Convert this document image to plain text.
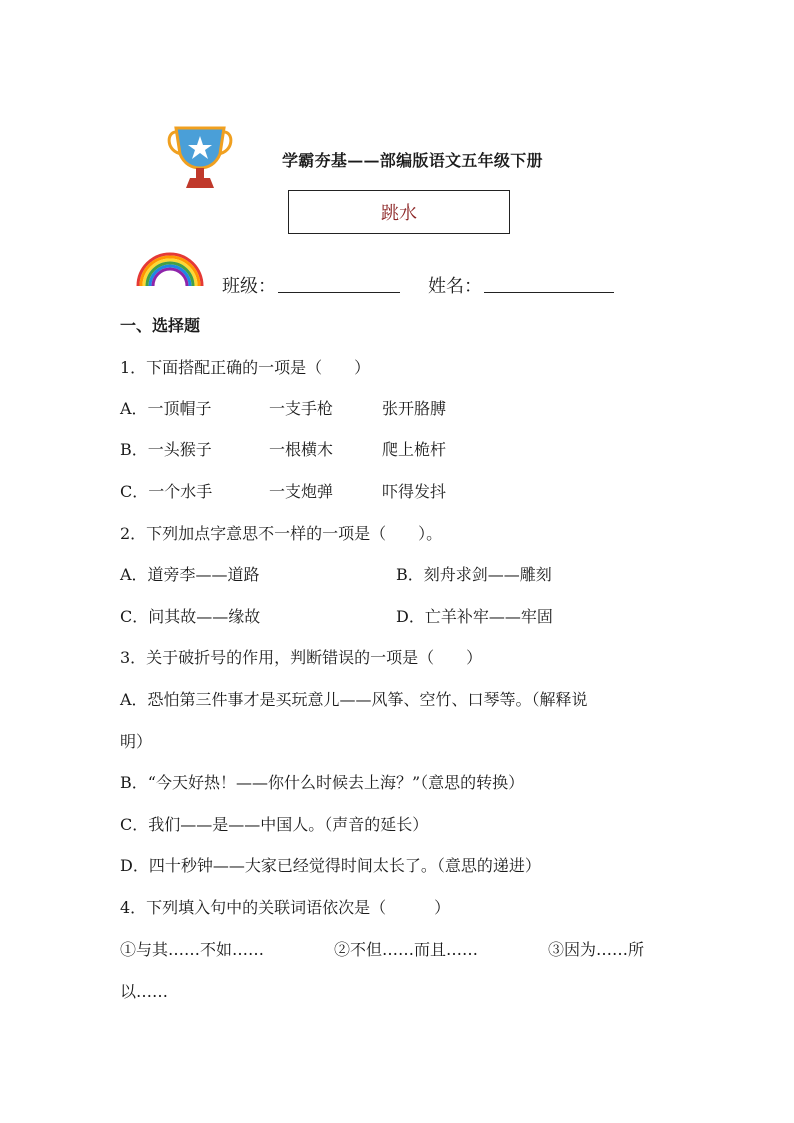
学霸夯基——部编版语文五年级下册
跳水
班级：	姓名：
一、选择题
1．下面搭配正确的一项是（　　）
A．一顶帽子	一支手枪	张开胳膊
B．一头猴子	一根横木	爬上桅杆
C．一个水手	一支炮弹	吓得发抖
2．下列加点字意思不一样的一项是（　　）。
A．道旁李——道路	B．刻舟求剑——雕刻
C．问其故——缘故	D．亡羊补牢——牢固
3．关于破折号的作用，判断错误的一项是（　　）
A．恐怕第三件事才是买玩意儿——风筝、空竹、口琴等。（解释说
明）
B．“今天好热！——你什么时候去上海？”（意思的转换）
C．我们——是——中国人。（声音的延长）
D．四十秒钟——大家已经觉得时间太长了。（意思的递进）
4．下列填入句中的关联词语依次是（　　　）
①与其……不如……	②不但……而且……	③因为……所
以……
